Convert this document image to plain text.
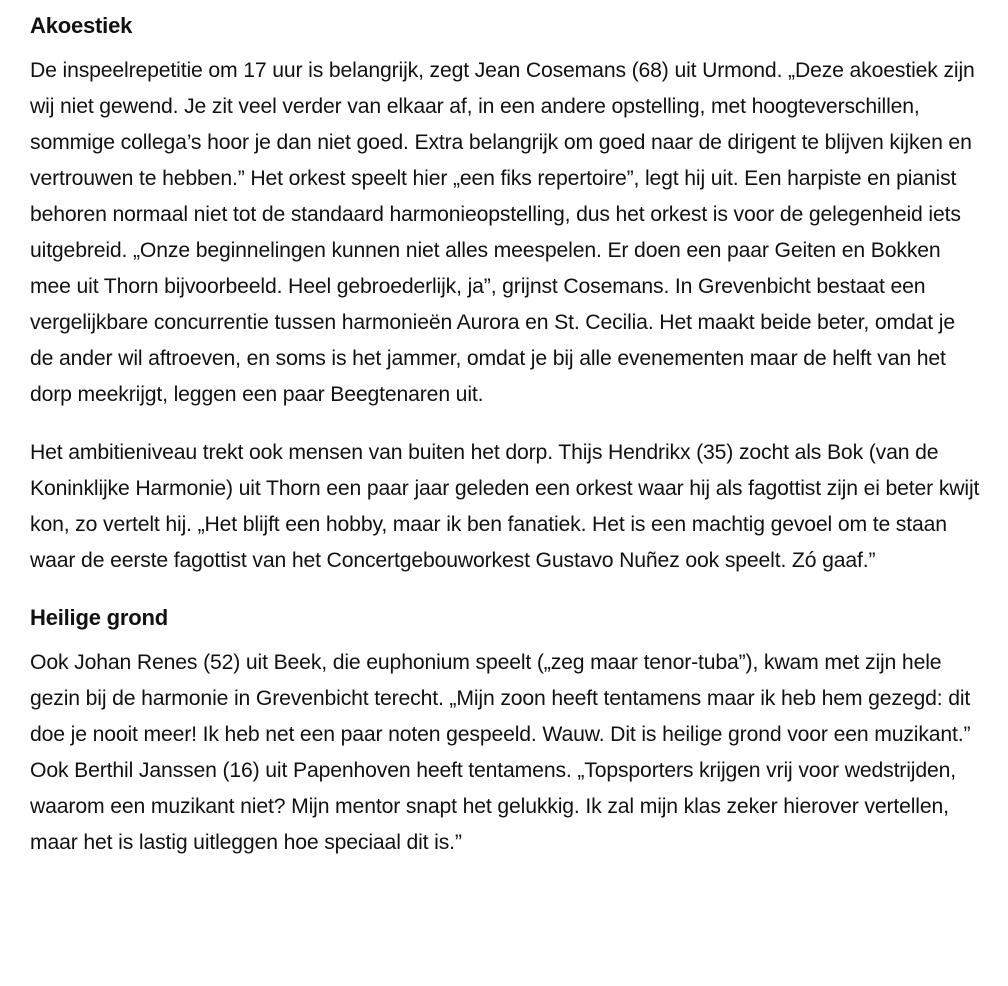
Akoestiek

De inspeelrepetitie om 17 uur is belangrijk, zegt Jean Cosemans (68) uit Urmond. „Deze akoestiek zijn wij niet gewend. Je zit veel verder van elkaar af, in een andere opstelling, met hoogteverschillen, sommige collega’s hoor je dan niet goed. Extra belangrijk om goed naar de dirigent te blijven kijken en vertrouwen te hebben.” Het orkest speelt hier „een fiks repertoire”, legt hij uit. Een harpiste en pianist behoren normaal niet tot de standaard harmonieopstelling, dus het orkest is voor de gelegenheid iets uitgebreid. „Onze beginnelingen kunnen niet alles meespelen. Er doen een paar Geiten en Bokken mee uit Thorn bijvoorbeeld. Heel gebroederlijk, ja”, grijnst Cosemans. In Grevenbicht bestaat een vergelijkbare concurrentie tussen harmonieën Aurora en St. Cecilia. Het maakt beide beter, omdat je de ander wil aftroeven, en soms is het jammer, omdat je bij alle evenementen maar de helft van het dorp meekrijgt, leggen een paar Beegtenaren uit.

Het ambitieniveau trekt ook mensen van buiten het dorp. Thijs Hendrikx (35) zocht als Bok (van de Koninklijke Harmonie) uit Thorn een paar jaar geleden een orkest waar hij als fagottist zijn ei beter kwijt kon, zo vertelt hij. „Het blijft een hobby, maar ik ben fanatiek. Het is een machtig gevoel om te staan waar de eerste fagottist van het Concertgebouworkest Gustavo Nuñez ook speelt. Zó gaaf.”

Heilige grond

Ook Johan Renes (52) uit Beek, die euphonium speelt („zeg maar tenor-tuba”), kwam met zijn hele gezin bij de harmonie in Grevenbicht terecht. „Mijn zoon heeft tentamens maar ik heb hem gezegd: dit doe je nooit meer! Ik heb net een paar noten gespeeld. Wauw. Dit is heilige grond voor een muzikant.” Ook Berthil Janssen (16) uit Papenhoven heeft tentamens. „Topsporters krijgen vrij voor wedstrijden, waarom een muzikant niet? Mijn mentor snapt het gelukkig. Ik zal mijn klas zeker hierover vertellen, maar het is lastig uitleggen hoe speciaal dit is.”
